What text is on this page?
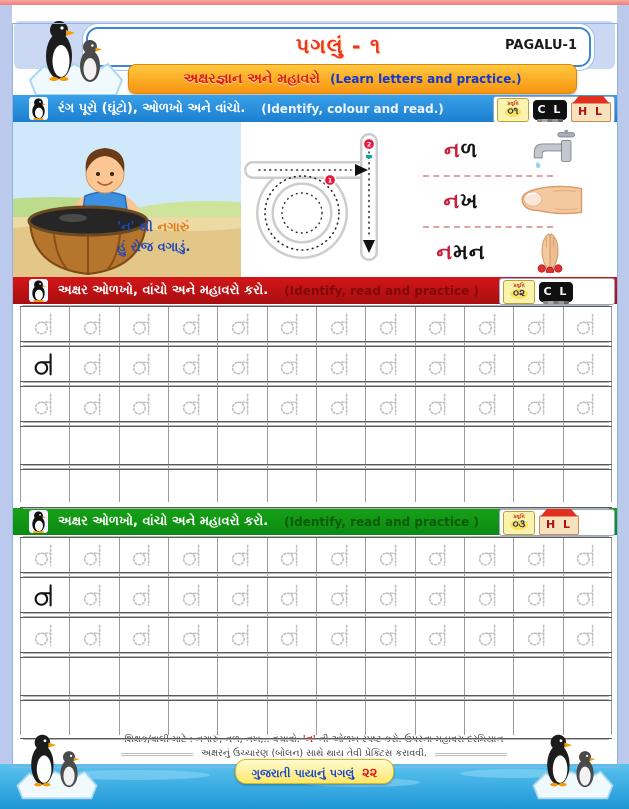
પગલું - ૧	PAGALU-1
અક્ષરજ્ઞાન અને મહાવરો (Learn letters and practice.)
રંગ પૂરો (ઘૂંટો), ઓળખો અને વાંચો. (Identify, colour and read.)	પ્રવૃત્તિ
૦૧ C L H L
'ન' થી નગારું
હું રોજ વગાડું.
1
2	નળ
નખ
નમન
અક્ષર ઓળખો, વાંચો અને મહાવરો કરો. (Identify, read and practice )	પ્રવૃત્તિ
૦૨ C L
અક્ષર ઓળખો, વાંચો અને મહાવરો કરો. (Identify, read and practice )	પ્રવૃત્તિ
૦૩ H L
શિક્ષક/વાલી માટે : નગારું, નળ, નખ,.. વંચાવો. 'ન' ની ઓળખ સ્પષ્ટ કરો. ઉપરના મહાવરા દરમિયાન
અક્ષરનું ઉચ્ચારણ (બોલન) સાથે થાય તેવી પ્રેક્ટિસ કરાવવી.
ગુજરાતી પાયાનું પગલું ૨૨
